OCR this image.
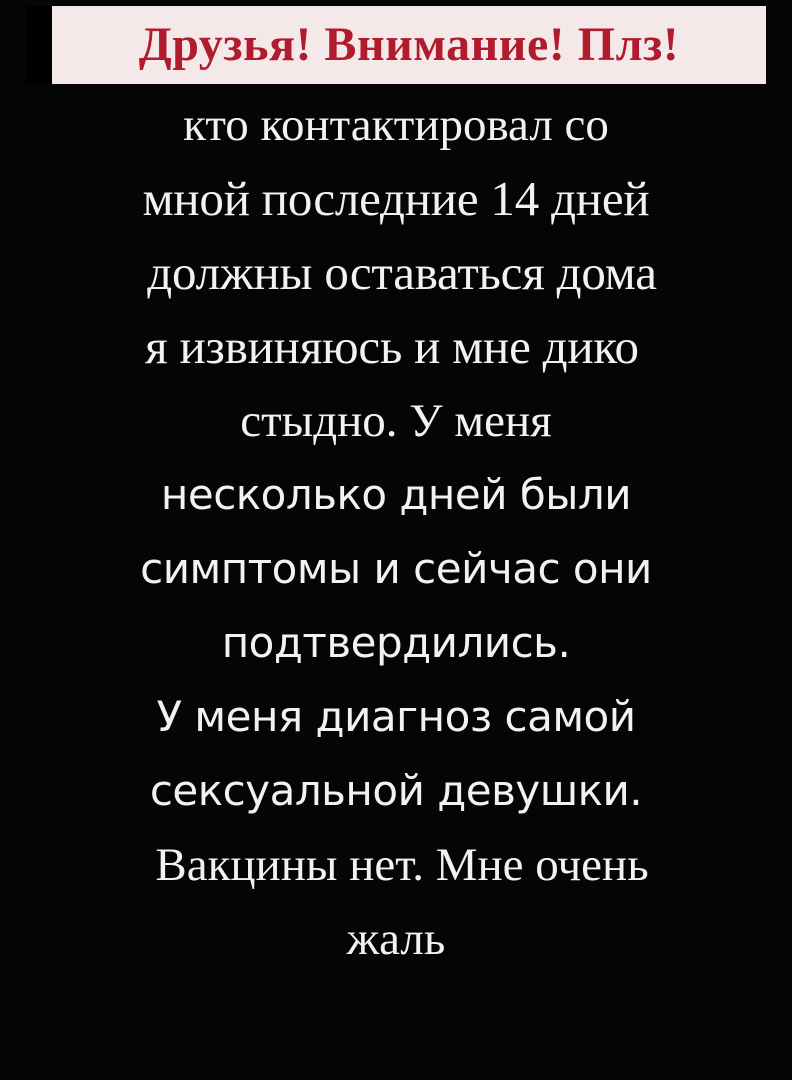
Друзья! Внимание! Плз!
кто контактировал со
мной последние 14 дней
должны оставаться дома
я извиняюсь и мне дико
стыдно. У меня
несколько дней были
симптомы и сейчас они
подтвердились.
У меня диагноз самой
сексуальной девушки.
Вакцины нет. Мне очень
жаль
